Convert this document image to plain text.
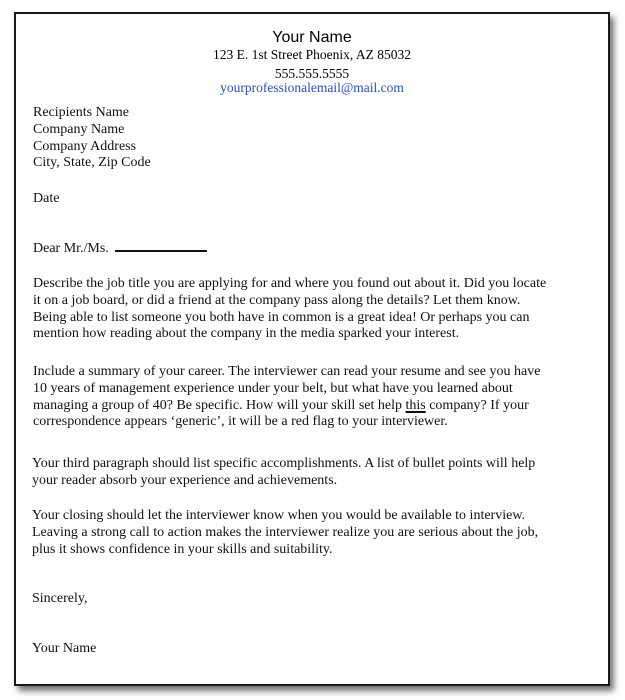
Your Name
123 E. 1st Street Phoenix, AZ 85032
555.555.5555
yourprofessionalemail@mail.com
Recipients Name
Company Name
Company Address
City, State, Zip Code
Date
Dear Mr./Ms.
Describe the job title you are applying for and where you found out about it. Did you locate
it on a job board, or did a friend at the company pass along the details? Let them know.
Being able to list someone you both have in common is a great idea! Or perhaps you can
mention how reading about the company in the media sparked your interest.
Include a summary of your career. The interviewer can read your resume and see you have
10 years of management experience under your belt, but what have you learned about
managing a group of 40? Be specific. How will your skill set help this company? If your
correspondence appears ‘generic’, it will be a red flag to your interviewer.
Your third paragraph should list specific accomplishments. A list of bullet points will help
your reader absorb your experience and achievements.
Your closing should let the interviewer know when you would be available to interview.
Leaving a strong call to action makes the interviewer realize you are serious about the job,
plus it shows confidence in your skills and suitability.
Sincerely,
Your Name
